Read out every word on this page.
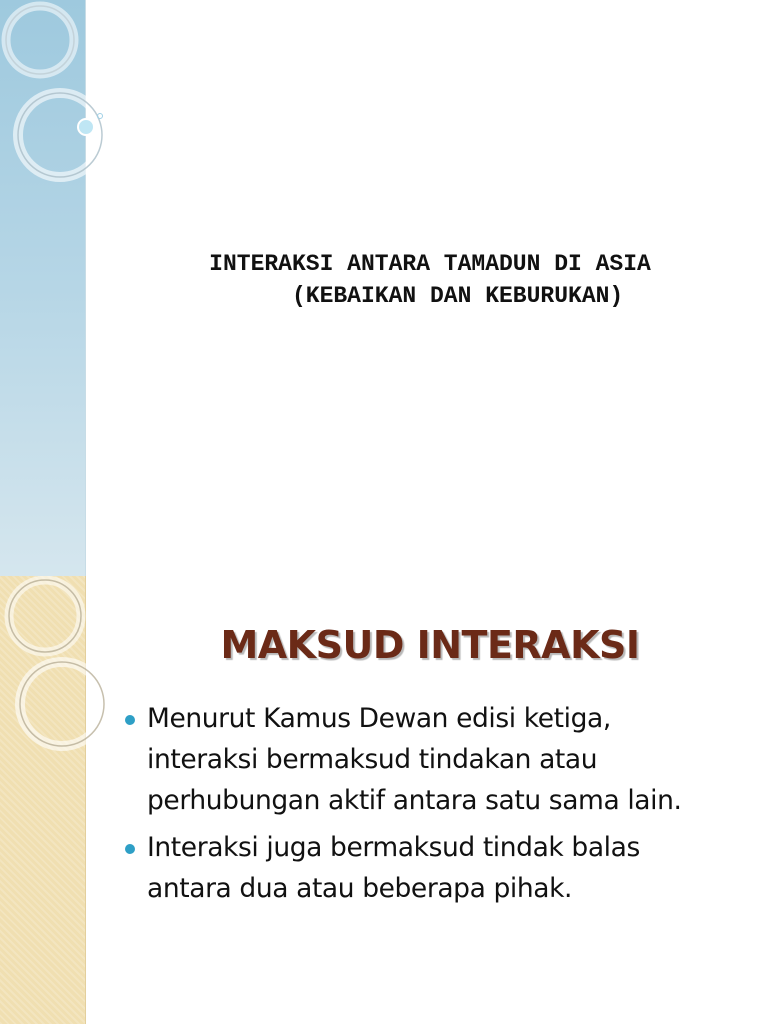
INTERAKSI ANTARA TAMADUN DI ASIA
(KEBAIKAN DAN KEBURUKAN)
MAKSUD INTERAKSI
Menurut Kamus Dewan edisi ketiga,
interaksi bermaksud tindakan atau
perhubungan aktif antara satu sama lain.
Interaksi juga bermaksud tindak balas
antara dua atau beberapa pihak.
